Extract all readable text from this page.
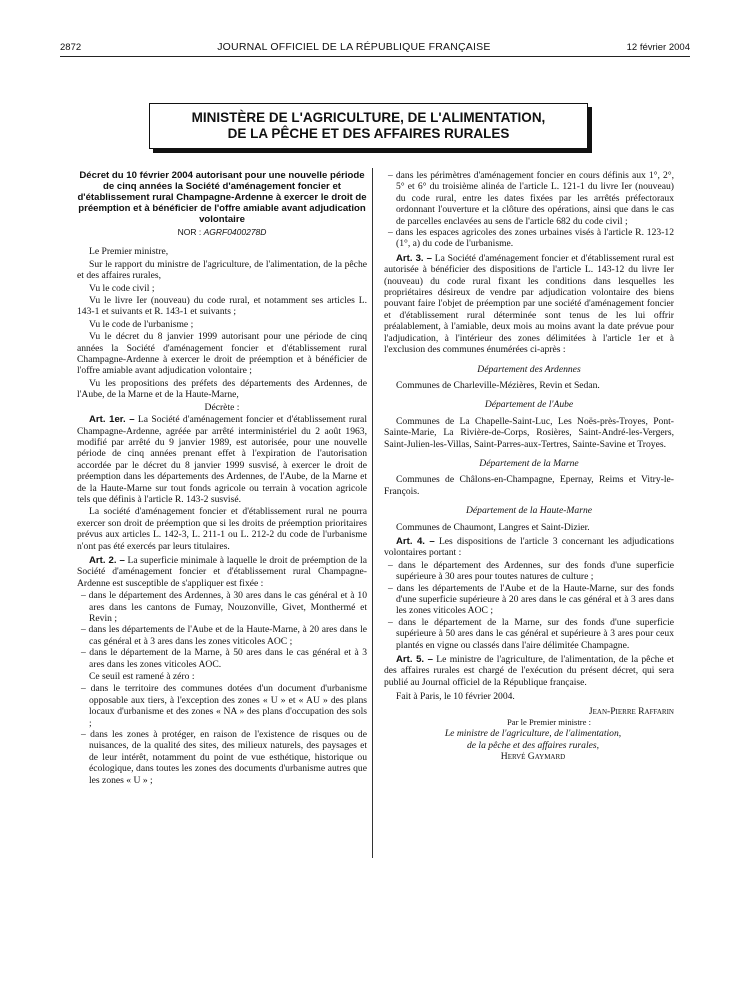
2872	JOURNAL OFFICIEL DE LA RÉPUBLIQUE FRANÇAISE	12 février 2004
MINISTÈRE DE L'AGRICULTURE, DE L'ALIMENTATION,
DE LA PÊCHE ET DES AFFAIRES RURALES
Décret du 10 février 2004 autorisant pour une nouvelle période de cinq années la Société d'aménagement foncier et d'établissement rural Champagne-Ardenne à exercer le droit de préemption et à bénéficier de l'offre amiable avant adjudication volontaire
NOR : AGRF0400278D

Le Premier ministre,

Sur le rapport du ministre de l'agriculture, de l'alimentation, de la pêche et des affaires rurales,

Vu le code civil ;

Vu le livre Ier (nouveau) du code rural, et notamment ses articles L. 143-1 et suivants et R. 143-1 et suivants ;

Vu le code de l'urbanisme ;

Vu le décret du 8 janvier 1999 autorisant pour une période de cinq années la Société d'aménagement foncier et d'établissement rural Champagne-Ardenne à exercer le droit de préemption et à bénéficier de l'offre amiable avant adjudication volontaire ;

Vu les propositions des préfets des départements des Ardennes, de l'Aube, de la Marne et de la Haute-Marne,

Décrète :

Art. 1er. – La Société d'aménagement foncier et d'établissement rural Champagne-Ardenne, agréée par arrêté interministériel du 2 août 1963, modifié par arrêté du 9 janvier 1989, est autorisée, pour une nouvelle période de cinq années prenant effet à l'expiration de l'autorisation accordée par le décret du 8 janvier 1999 susvisé, à exercer le droit de préemption dans les départements des Ardennes, de l'Aube, de la Marne et de la Haute-Marne sur tout fonds agricole ou terrain à vocation agricole tels que définis à l'article R. 143-2 susvisé.

La société d'aménagement foncier et d'établissement rural ne pourra exercer son droit de préemption que si les droits de préemption prioritaires prévus aux articles L. 142-3, L. 211-1 ou L. 212-2 du code de l'urbanisme n'ont pas été exercés par leurs titulaires.

Art. 2. – La superficie minimale à laquelle le droit de préemption de la Société d'aménagement foncier et d'établissement rural Champagne-Ardenne est susceptible de s'appliquer est fixée :

– dans le département des Ardennes, à 30 ares dans le cas général et à 10 ares dans les cantons de Fumay, Nouzonville, Givet, Monthermé et Revin ;
– dans les départements de l'Aube et de la Haute-Marne, à 20 ares dans le cas général et à 3 ares dans les zones viticoles AOC ;
– dans le département de la Marne, à 50 ares dans le cas général et à 3 ares dans les zones viticoles AOC.

Ce seuil est ramené à zéro :

– dans le territoire des communes dotées d'un document d'urbanisme opposable aux tiers, à l'exception des zones « U » et « AU » des plans locaux d'urbanisme et des zones « NA » des plans d'occupation des sols ;
– dans les zones à protéger, en raison de l'existence de risques ou de nuisances, de la qualité des sites, des milieux naturels, des paysages et de leur intérêt, notamment du point de vue esthétique, historique ou écologique, dans toutes les zones des documents d'urbanisme autres que les zones « U » ;
– dans les périmètres d'aménagement foncier en cours définis aux 1°, 2°, 5° et 6° du troisième alinéa de l'article L. 121-1 du livre Ier (nouveau) du code rural, entre les dates fixées par les arrêtés préfectoraux ordonnant l'ouverture et la clôture des opérations, ainsi que dans le cas de parcelles enclavées au sens de l'article 682 du code civil ;
– dans les espaces agricoles des zones urbaines visés à l'article R. 123-12 (1°, a) du code de l'urbanisme.

Art. 3. – La Société d'aménagement foncier et d'établissement rural est autorisée à bénéficier des dispositions de l'article L. 143-12 du livre Ier (nouveau) du code rural fixant les conditions dans lesquelles les propriétaires désireux de vendre par adjudication volontaire des biens pouvant faire l'objet de préemption par une société d'aménagement foncier et d'établissement rural déterminée sont tenus de les lui offrir préalablement, à l'amiable, deux mois au moins avant la date prévue pour l'adjudication, à l'intérieur des zones délimitées à l'article 1er et à l'exclusion des communes énumérées ci-après :

Département des Ardennes

Communes de Charleville-Mézières, Revin et Sedan.

Département de l'Aube

Communes de La Chapelle-Saint-Luc, Les Noës-près-Troyes, Pont-Sainte-Marie, La Rivière-de-Corps, Rosières, Saint-André-les-Vergers, Saint-Julien-les-Villas, Saint-Parres-aux-Tertres, Sainte-Savine et Troyes.

Département de la Marne

Communes de Châlons-en-Champagne, Epernay, Reims et Vitry-le-François.

Département de la Haute-Marne

Communes de Chaumont, Langres et Saint-Dizier.

Art. 4. – Les dispositions de l'article 3 concernant les adjudications volontaires portant :

– dans le département des Ardennes, sur des fonds d'une superficie supérieure à 30 ares pour toutes natures de culture ;
– dans les départements de l'Aube et de la Haute-Marne, sur des fonds d'une superficie supérieure à 20 ares dans le cas général et à 3 ares dans les zones viticoles AOC ;
– dans le département de la Marne, sur des fonds d'une superficie supérieure à 50 ares dans le cas général et supérieure à 3 ares pour ceux plantés en vigne ou classés dans l'aire délimitée Champagne.

Art. 5. – Le ministre de l'agriculture, de l'alimentation, de la pêche et des affaires rurales est chargé de l'exécution du présent décret, qui sera publié au Journal officiel de la République française.

Fait à Paris, le 10 février 2004.

Jean-Pierre Raffarin
Par le Premier ministre :
Le ministre de l'agriculture, de l'alimentation,
de la pêche et des affaires rurales,
Hervé Gaymard
